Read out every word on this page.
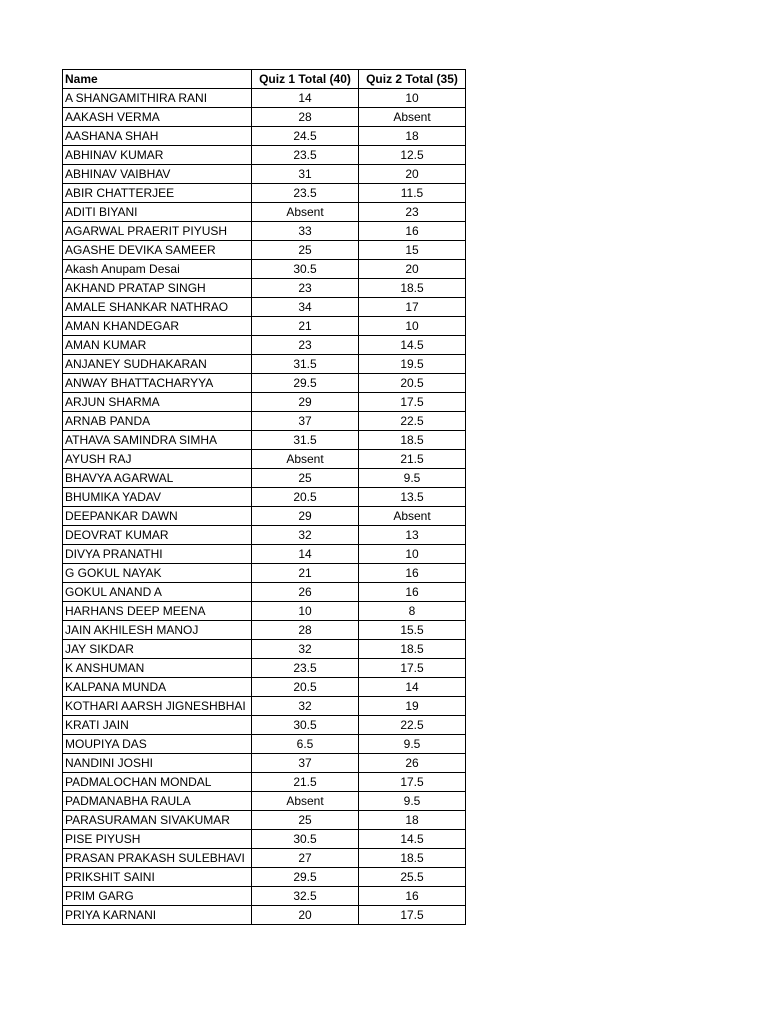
Name	Quiz 1 Total (40)	Quiz 2 Total (35)
A SHANGAMITHIRA RANI	14	10
AAKASH VERMA	28	Absent
AASHANA SHAH	24.5	18
ABHINAV KUMAR	23.5	12.5
ABHINAV VAIBHAV	31	20
ABIR CHATTERJEE	23.5	11.5
ADITI BIYANI	Absent	23
AGARWAL PRAERIT PIYUSH	33	16
AGASHE DEVIKA SAMEER	25	15
Akash Anupam Desai	30.5	20
AKHAND PRATAP SINGH	23	18.5
AMALE SHANKAR NATHRAO	34	17
AMAN KHANDEGAR	21	10
AMAN KUMAR	23	14.5
ANJANEY SUDHAKARAN	31.5	19.5
ANWAY BHATTACHARYYA	29.5	20.5
ARJUN SHARMA	29	17.5
ARNAB PANDA	37	22.5
ATHAVA SAMINDRA SIMHA	31.5	18.5
AYUSH RAJ	Absent	21.5
BHAVYA AGARWAL	25	9.5
BHUMIKA YADAV	20.5	13.5
DEEPANKAR DAWN	29	Absent
DEOVRAT KUMAR	32	13
DIVYA PRANATHI	14	10
G GOKUL NAYAK	21	16
GOKUL ANAND A	26	16
HARHANS DEEP MEENA	10	8
JAIN AKHILESH MANOJ	28	15.5
JAY SIKDAR	32	18.5
K ANSHUMAN	23.5	17.5
KALPANA MUNDA	20.5	14
KOTHARI AARSH JIGNESHBHAI	32	19
KRATI JAIN	30.5	22.5
MOUPIYA DAS	6.5	9.5
NANDINI JOSHI	37	26
PADMALOCHAN MONDAL	21.5	17.5
PADMANABHA RAULA	Absent	9.5
PARASURAMAN SIVAKUMAR	25	18
PISE PIYUSH	30.5	14.5
PRASAN PRAKASH SULEBHAVI	27	18.5
PRIKSHIT SAINI	29.5	25.5
PRIM GARG	32.5	16
PRIYA KARNANI	20	17.5
